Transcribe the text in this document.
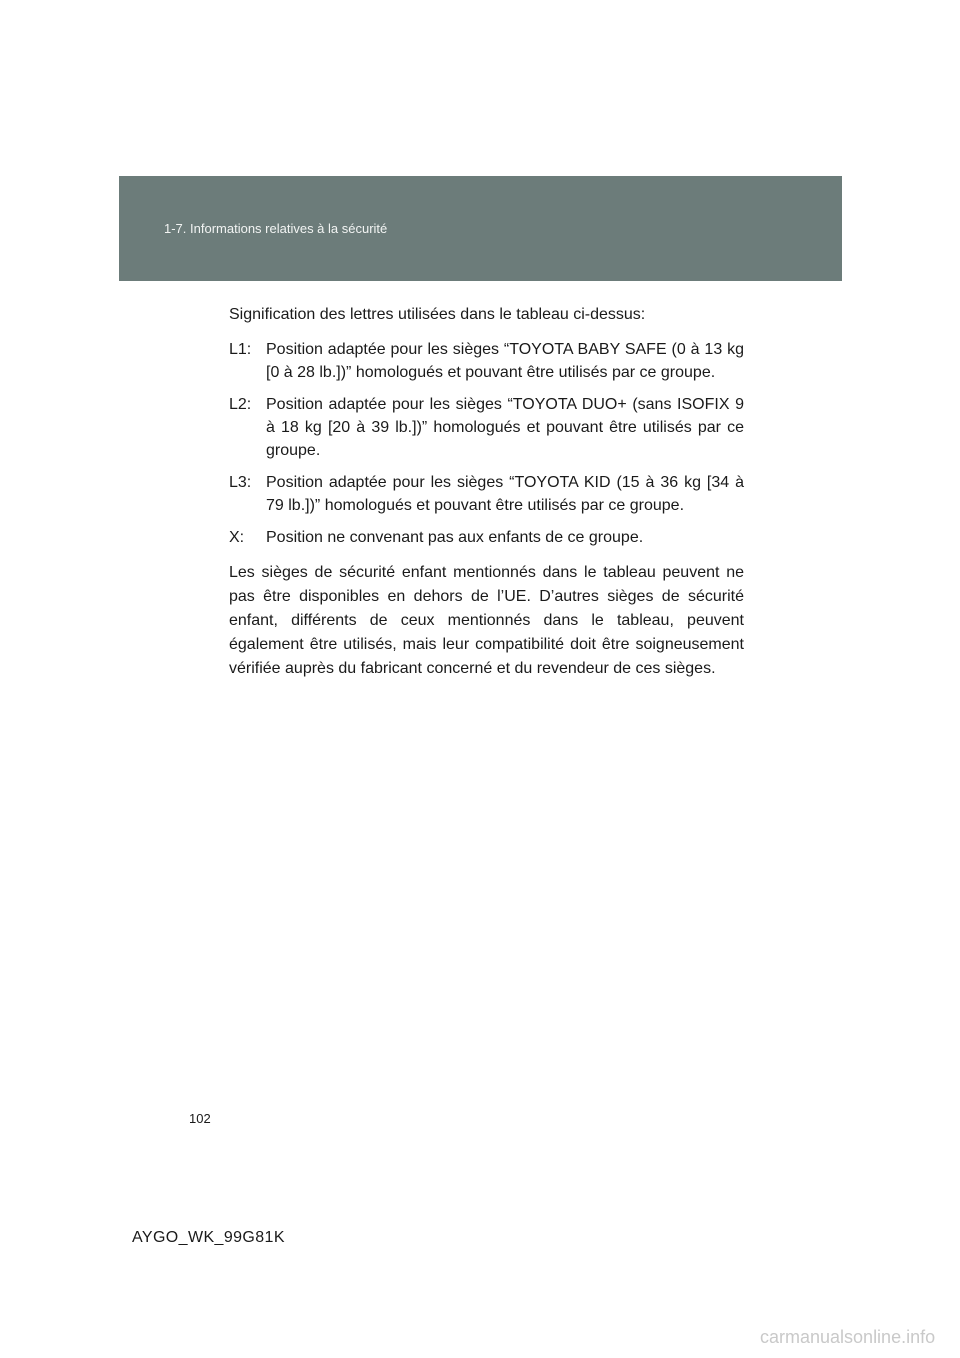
1-7. Informations relatives à la sécurité

Signification des lettres utilisées dans le tableau ci-dessus:

L1: Position adaptée pour les sièges “TOYOTA BABY SAFE (0 à 13 kg [0 à 28 lb.])” homologués et pouvant être utilisés par ce groupe.
L2: Position adaptée pour les sièges “TOYOTA DUO+ (sans ISOFIX 9 à 18 kg [20 à 39 lb.])” homologués et pouvant être utilisés par ce groupe.
L3: Position adaptée pour les sièges “TOYOTA KID (15 à 36 kg [34 à 79 lb.])” homologués et pouvant être utilisés par ce groupe.
X: Position ne convenant pas aux enfants de ce groupe.

Les sièges de sécurité enfant mentionnés dans le tableau peuvent ne pas être disponibles en dehors de l’UE. D’autres sièges de sécurité enfant, différents de ceux mentionnés dans le tableau, peuvent également être utilisés, mais leur compatibilité doit être soigneusement vérifiée auprès du fabricant concerné et du revendeur de ces sièges.

102
AYGO_WK_99G81K
carmanualsonline.info
